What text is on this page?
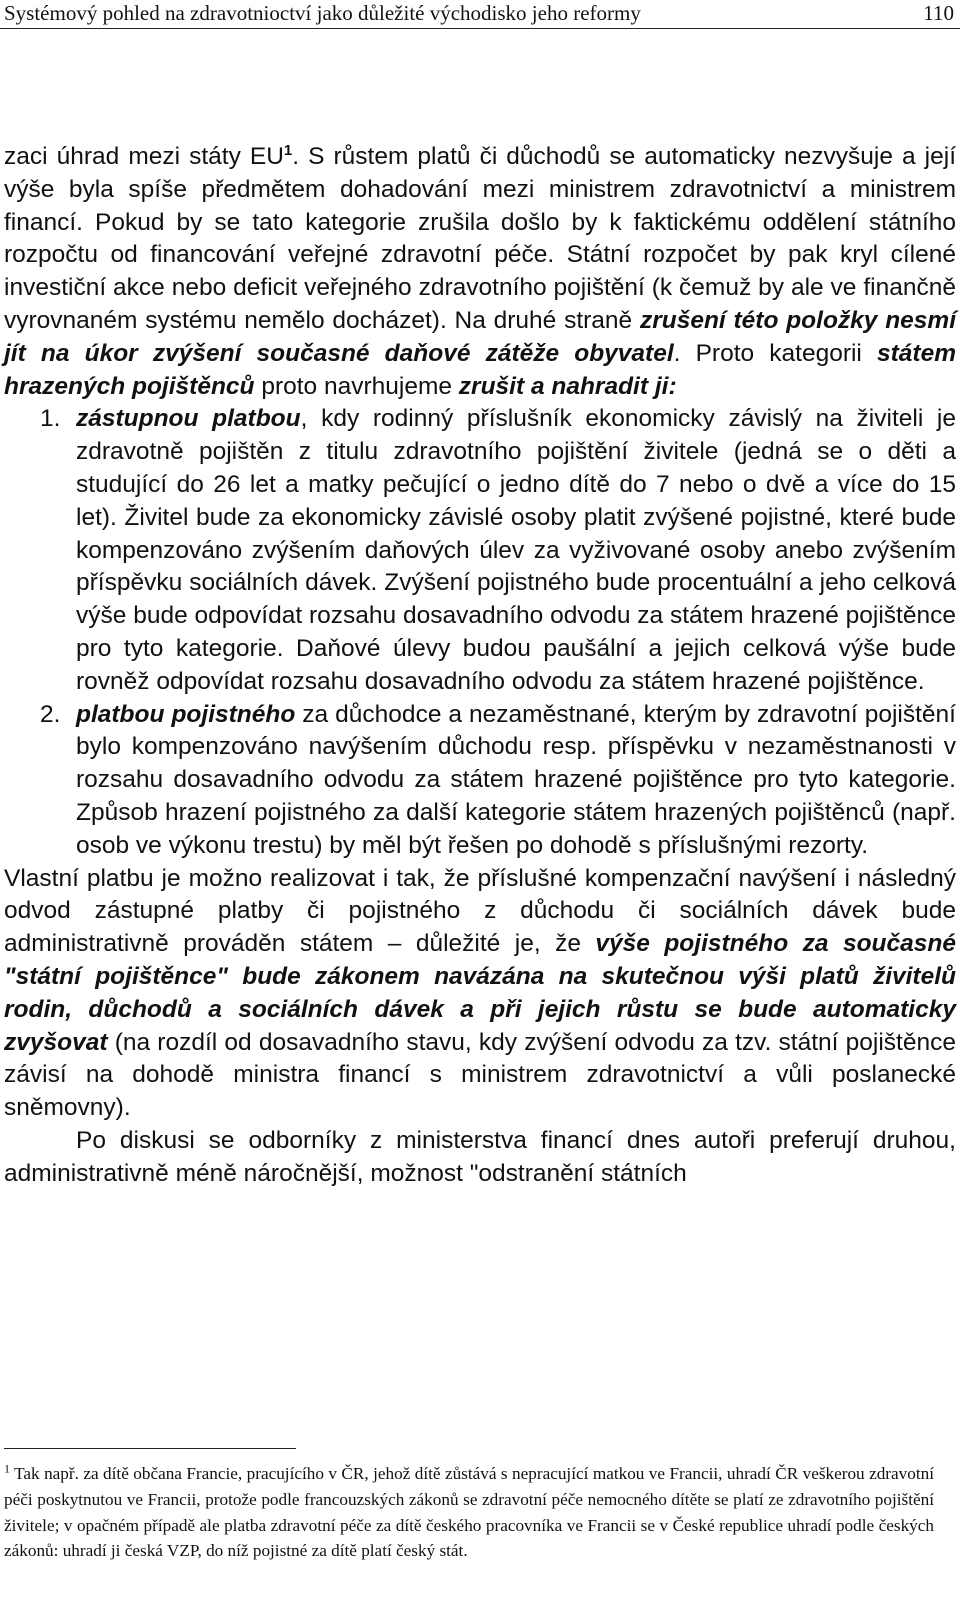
Systémový pohled na zdravotnioctví jako důležité východisko jeho reformy	110

zaci úhrad mezi státy $EU^1$. S růstem platů či důchodů se automaticky nezvyšuje a její výše byla spíše předmětem dohadování mezi ministrem zdravotnictví a ministrem financí. Pokud by se tato kategorie zrušila došlo by k faktickému oddělení státního rozpočtu od financování veřejné zdravotní péče. Státní rozpočet by pak kryl cílené investiční akce nebo deficit veřejného zdravotního pojištění (k čemuž by ale ve finančně vyrovnaném systému nemělo docházet). Na druhé straně zrušení této položky nesmí jít na úkor zvýšení současné daňové zátěže obyvatel. Proto kategorii státem hrazených pojištěnců proto navrhujeme zrušit a nahradit ji:

1. zástupnou platbou, kdy rodinný příslušník ekonomicky závislý na živiteli je zdravotně pojištěn z titulu zdravotního pojištění živitele (jedná se o děti a studující do 26 let a matky pečující o jedno dítě do 7 nebo o dvě a více do 15 let). Živitel bude za ekonomicky závislé osoby platit zvýšené pojistné, které bude kompenzováno zvýšením daňových úlev za vyživované osoby anebo zvýšením příspěvku sociálních dávek. Zvýšení pojistného bude procentuální a jeho celková výše bude odpovídat rozsahu dosavadního odvodu za státem hrazené pojištěnce pro tyto kategorie. Daňové úlevy budou paušální a jejich celková výše bude rovněž odpovídat rozsahu dosavadního odvodu za státem hrazené pojištěnce.
2. platbou pojistného za důchodce a nezaměstnané, kterým by zdravotní pojištění bylo kompenzováno navýšením důchodu resp. příspěvku v nezaměstnanosti v rozsahu dosavadního odvodu za státem hrazené pojištěnce pro tyto kategorie. Způsob hrazení pojistného za další kategorie státem hrazených pojištěnců (např. osob ve výkonu trestu) by měl být řešen po dohodě s příslušnými rezorty.

Vlastní platbu je možno realizovat i tak, že příslušné kompenzační navýšení i následný odvod zástupné platby či pojistného z důchodu či sociálních dávek bude administrativně prováděn státem – důležité je, že výše pojistného za současné "státní pojištěnce" bude zákonem navázána na skutečnou výši platů živitelů rodin, důchodů a sociálních dávek a při jejich růstu se bude automaticky zvyšovat (na rozdíl od dosavadního stavu, kdy zvýšení odvodu za tzv. státní pojištěnce závisí na dohodě ministra financí s ministrem zdravotnictví a vůli poslanecké sněmovny).

Po diskusi se odborníky z ministerstva financí dnes autoři preferují druhou, administrativně méně náročnější, možnost "odstranění státních

$^1$ Tak např. za dítě občana Francie, pracujícího v ČR, jehož dítě zůstává s nepracující matkou ve Francii, uhradí ČR veškerou zdravotní péči poskytnutou ve Francii, protože podle francouzských zákonů se zdravotní péče nemocného dítěte se platí ze zdravotního pojištění živitele; v opačném případě ale platba zdravotní péče za dítě českého pracovníka ve Francii se v České republice uhradí podle českých zákonů: uhradí ji česká VZP, do níž pojistné za dítě platí český stát.
